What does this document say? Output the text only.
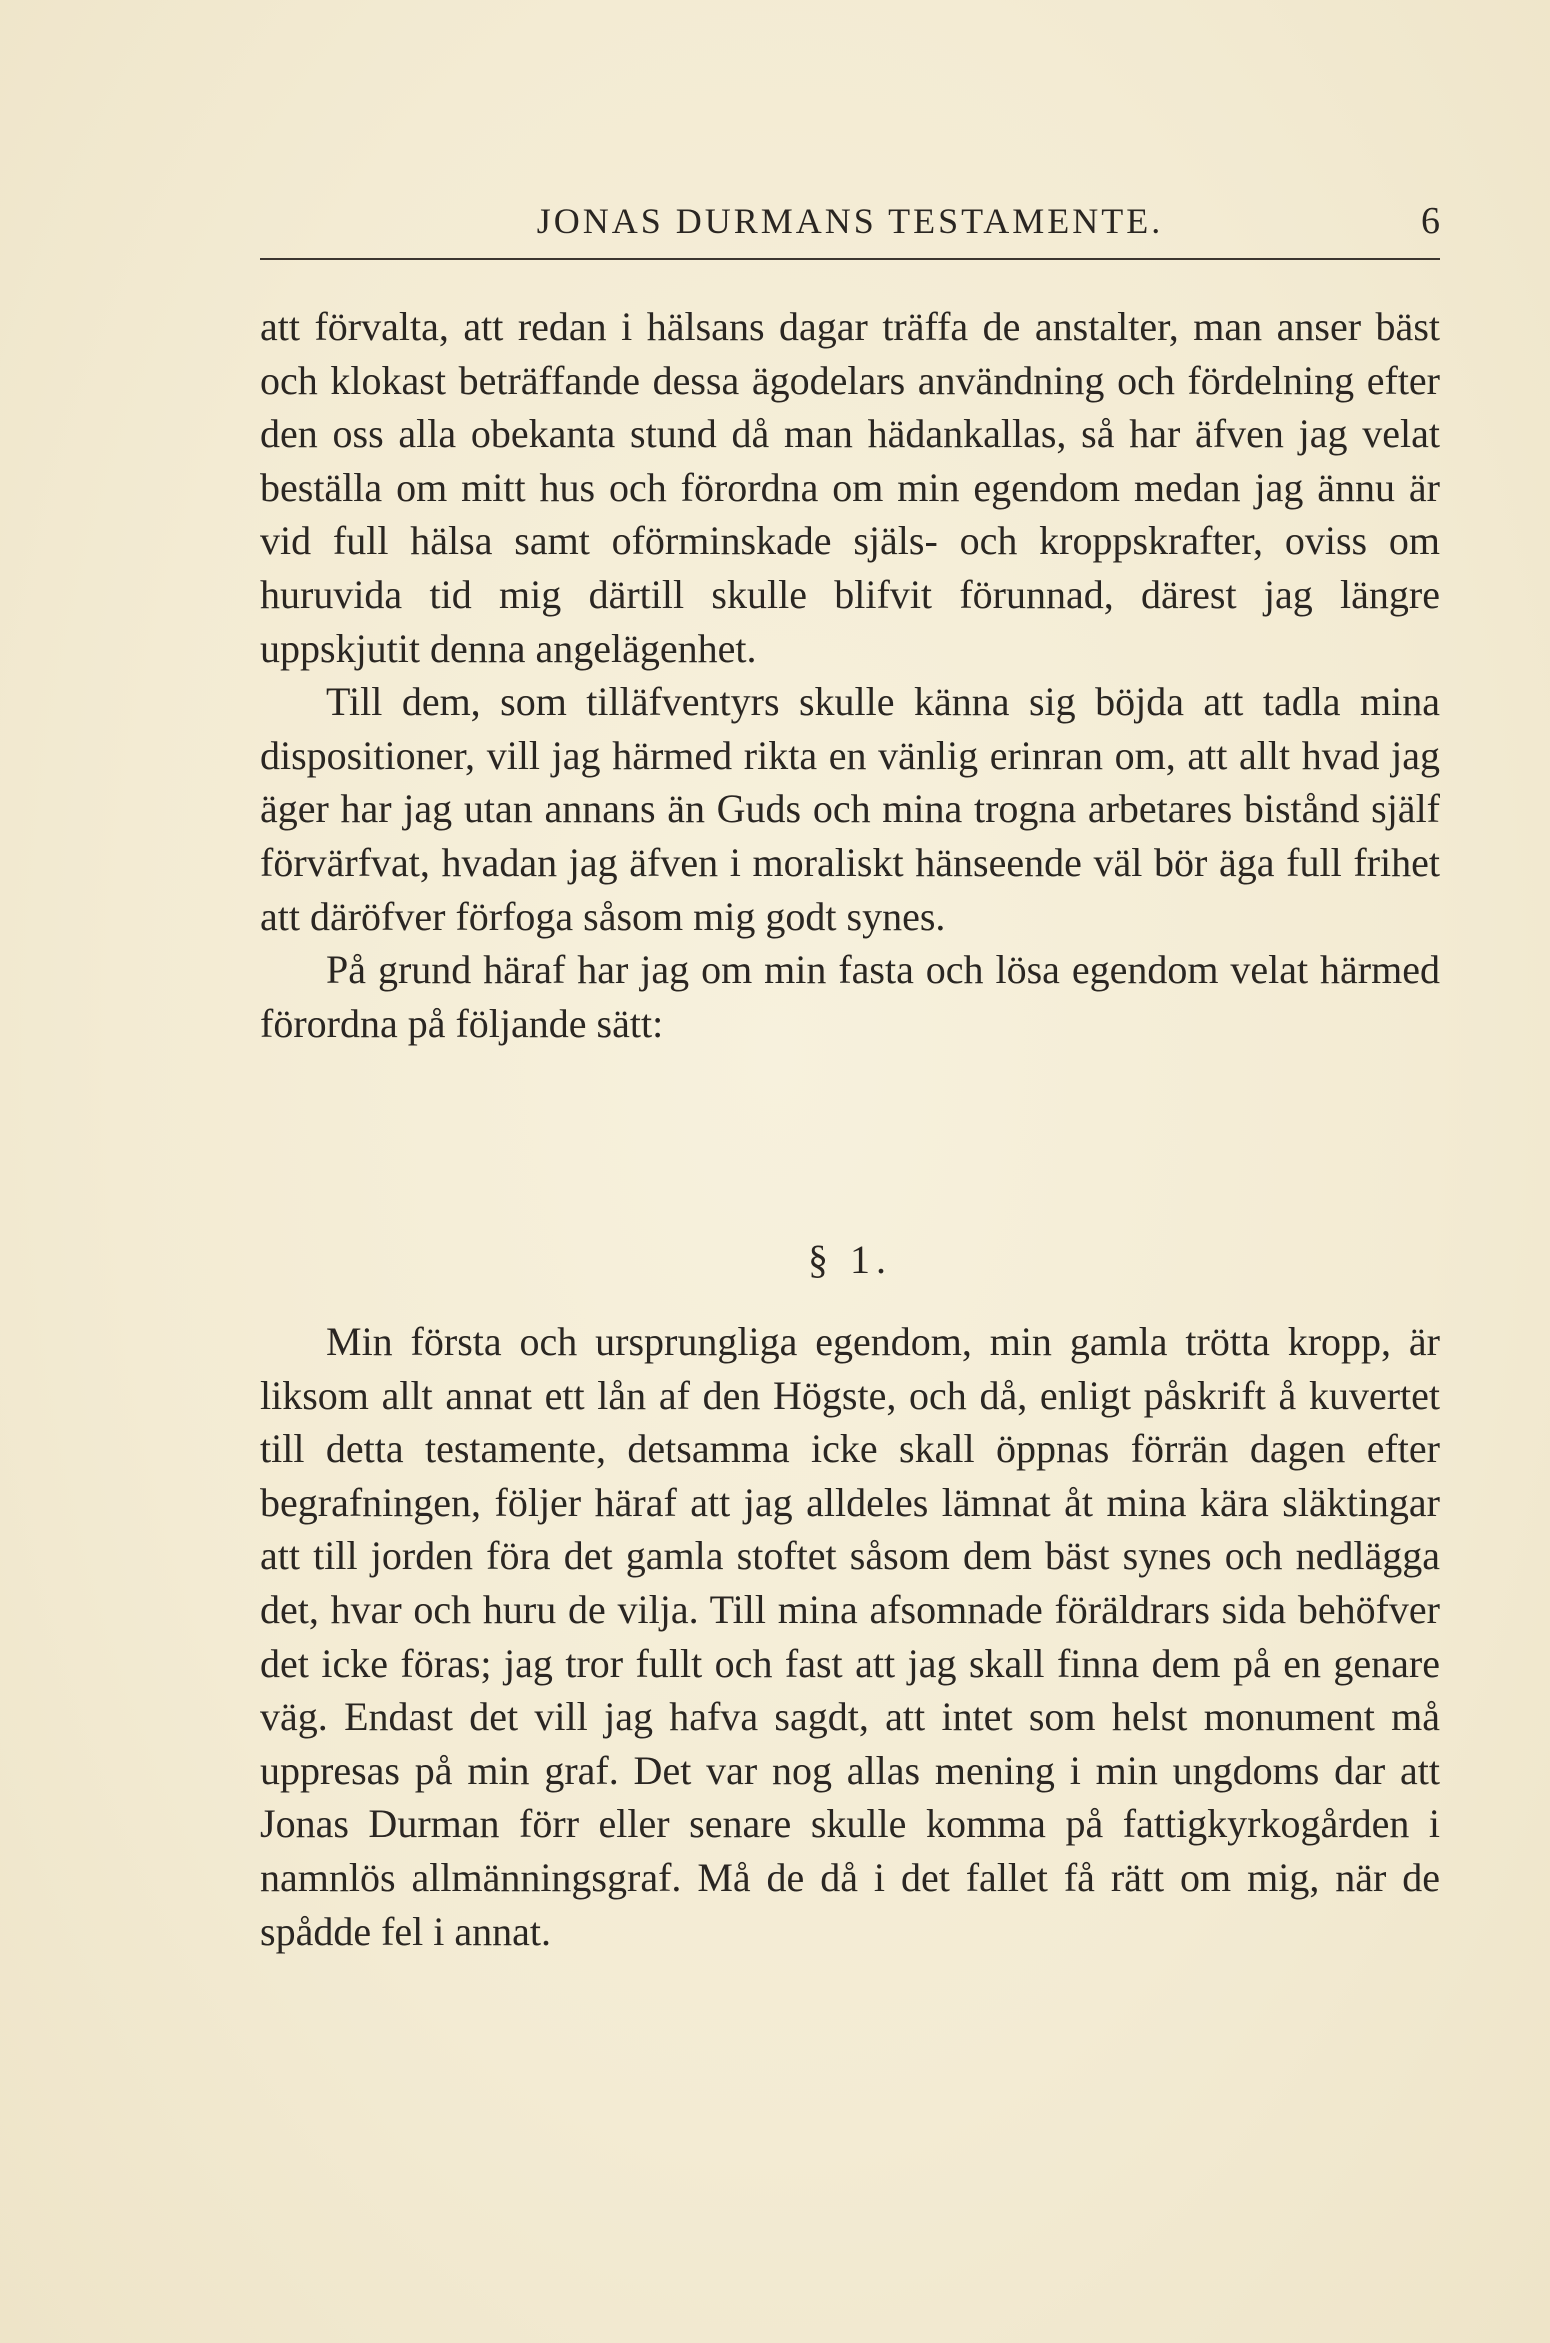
JONAS DURMANS TESTAMENTE.	6

att förvalta, att redan i hälsans dagar träffa de anstalter, man anser bäst och klokast beträffande dessa ägodelars användning och fördelning efter den oss alla obekanta stund då man hädankallas, så har äfven jag velat beställa om mitt hus och förordna om min egendom medan jag ännu är vid full hälsa samt oförminskade själs- och kroppskrafter, oviss om huruvida tid mig därtill skulle blifvit förunnad, därest jag längre uppskjutit denna angelägenhet.

Till dem, som tilläfventyrs skulle känna sig böjda att tadla mina dispositioner, vill jag härmed rikta en vänlig erinran om, att allt hvad jag äger har jag utan annans än Guds och mina trogna arbetares bistånd själf förvärfvat, hvadan jag äfven i moraliskt hänseende väl bör äga full frihet att däröfver förfoga såsom mig godt synes.

På grund häraf har jag om min fasta och lösa egendom velat härmed förordna på följande sätt:

§ 1.

Min första och ursprungliga egendom, min gamla trötta kropp, är liksom allt annat ett lån af den Högste, och då, enligt påskrift å kuvertet till detta testamente, detsamma icke skall öppnas förrän dagen efter begrafningen, följer häraf att jag alldeles lämnat åt mina kära släktingar att till jorden föra det gamla stoftet såsom dem bäst synes och nedlägga det, hvar och huru de vilja. Till mina afsomnade föräldrars sida behöfver det icke föras; jag tror fullt och fast att jag skall finna dem på en genare väg. Endast det vill jag hafva sagdt, att intet som helst monument må uppresas på min graf. Det var nog allas mening i min ungdoms dar att Jonas Durman förr eller senare skulle komma på fattigkyrkogården i namnlös allmänningsgraf. Må de då i det fallet få rätt om mig, när de spådde fel i annat.
